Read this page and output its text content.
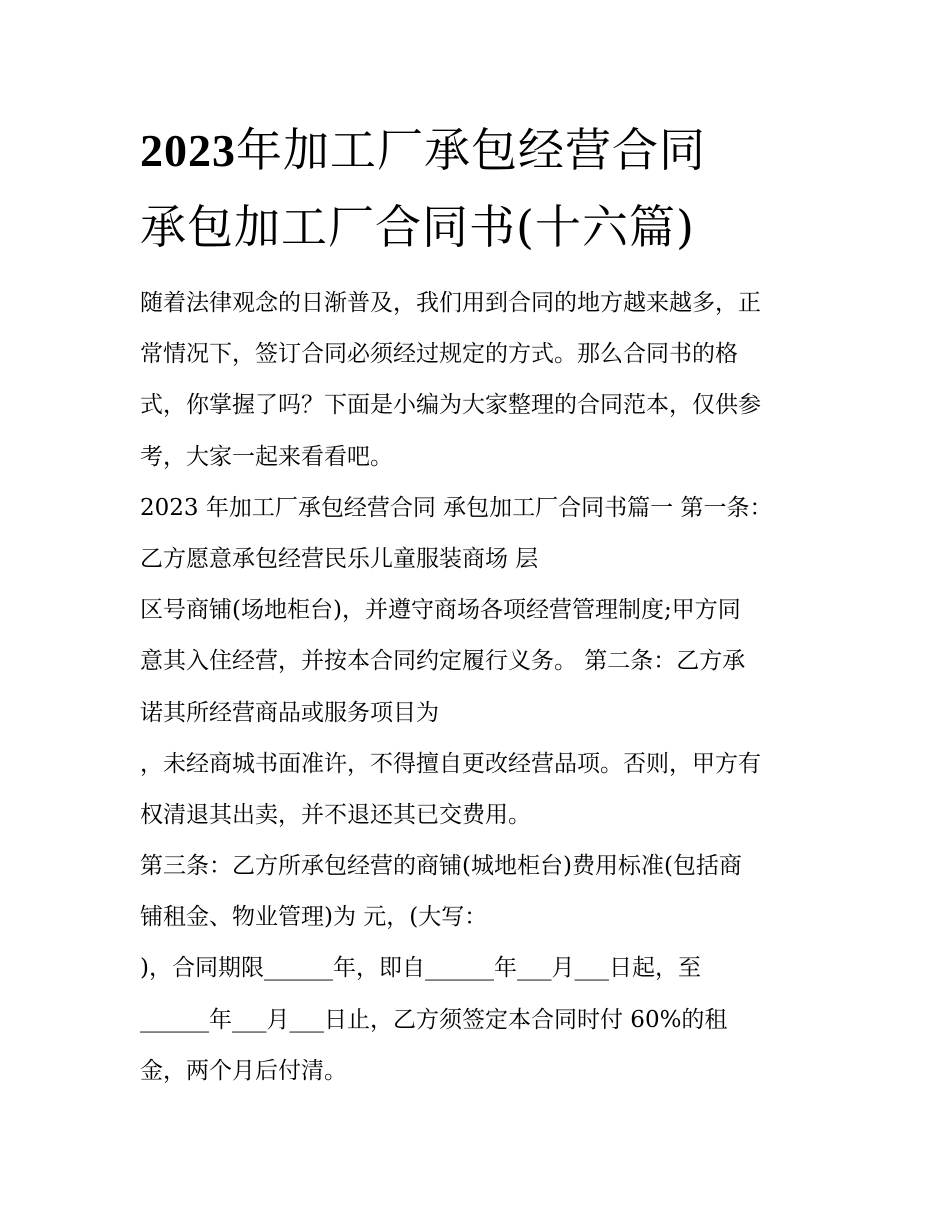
2023年加工厂承包经营合同
承包加工厂合同书(十六篇)
随着法律观念的日渐普及，我们用到合同的地方越来越多，正
常情况下，签订合同必须经过规定的方式。那么合同书的格
式，你掌握了吗？下面是小编为大家整理的合同范本，仅供参
考，大家一起来看看吧。
2023 年加工厂承包经营合同 承包加工厂合同书篇一 第一条：
乙方愿意承包经营民乐儿童服装商场 层
区号商铺(场地柜台)，并遵守商场各项经营管理制度;甲方同
意其入住经营，并按本合同约定履行义务。 第二条：乙方承
诺其所经营商品或服务项目为
，未经商城书面准许，不得擅自更改经营品项。否则，甲方有
权清退其出卖，并不退还其已交费用。
第三条：乙方所承包经营的商铺(城地柜台)费用标准(包括商
铺租金、物业管理)为 元，(大写：
)，合同期限______年，即自______年___月___日起，至
______年___月___日止，乙方须签定本合同时付 60%的租
金，两个月后付清。
